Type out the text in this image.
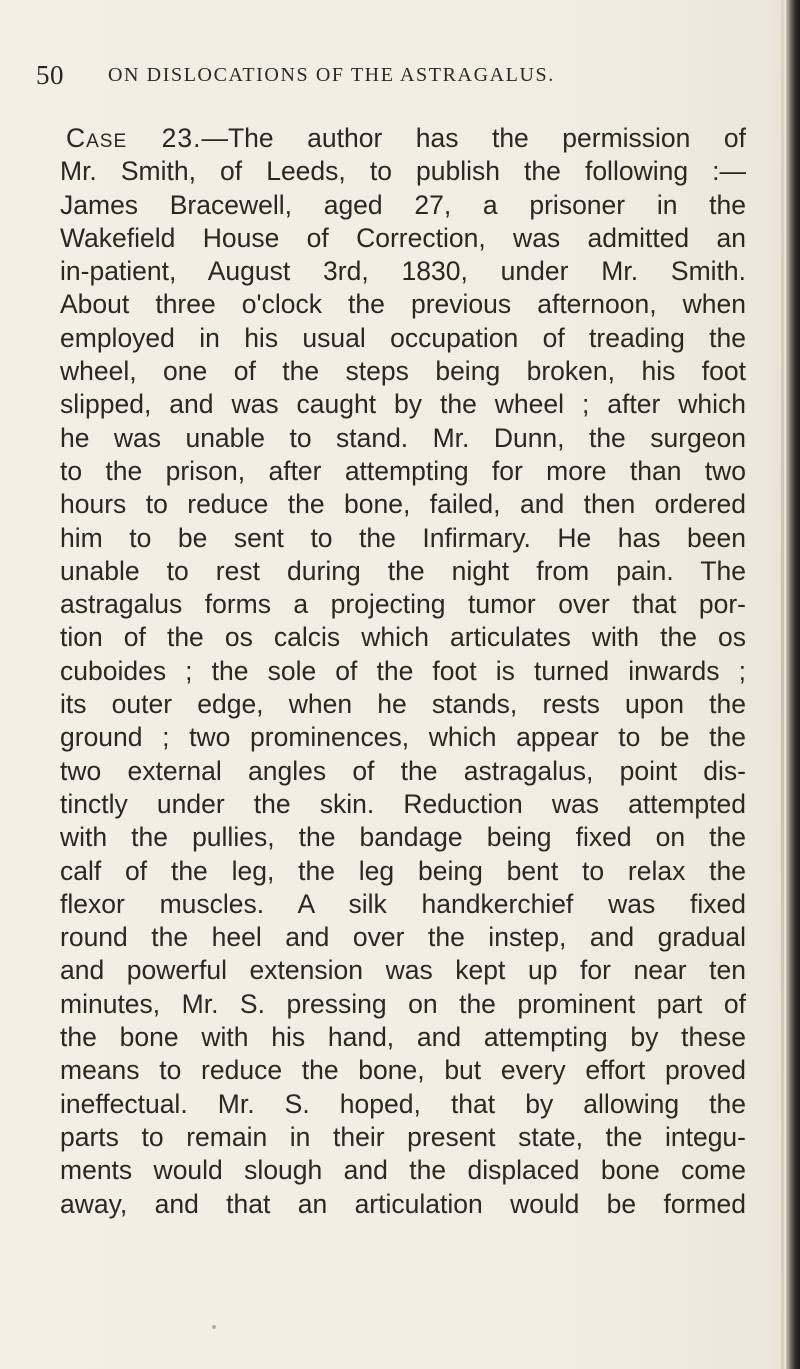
50 ON DISLOCATIONS OF THE ASTRAGALUS.
Case 23.—The author has the permission of
Mr. Smith, of Leeds, to publish the following :—
James Bracewell, aged 27, a prisoner in the
Wakefield House of Correction, was admitted an
in-patient, August 3rd, 1830, under Mr. Smith.
About three o'clock the previous afternoon, when
employed in his usual occupation of treading the
wheel, one of the steps being broken, his foot
slipped, and was caught by the wheel ; after which
he was unable to stand. Mr. Dunn, the surgeon
to the prison, after attempting for more than two
hours to reduce the bone, failed, and then ordered
him to be sent to the Infirmary. He has been
unable to rest during the night from pain. The
astragalus forms a projecting tumor over that por-
tion of the os calcis which articulates with the os
cuboides ; the sole of the foot is turned inwards ;
its outer edge, when he stands, rests upon the
ground ; two prominences, which appear to be the
two external angles of the astragalus, point dis-
tinctly under the skin. Reduction was attempted
with the pullies, the bandage being fixed on the
calf of the leg, the leg being bent to relax the
flexor muscles. A silk handkerchief was fixed
round the heel and over the instep, and gradual
and powerful extension was kept up for near ten
minutes, Mr. S. pressing on the prominent part of
the bone with his hand, and attempting by these
means to reduce the bone, but every effort proved
ineffectual. Mr. S. hoped, that by allowing the
parts to remain in their present state, the integu-
ments would slough and the displaced bone come
away, and that an articulation would be formed
